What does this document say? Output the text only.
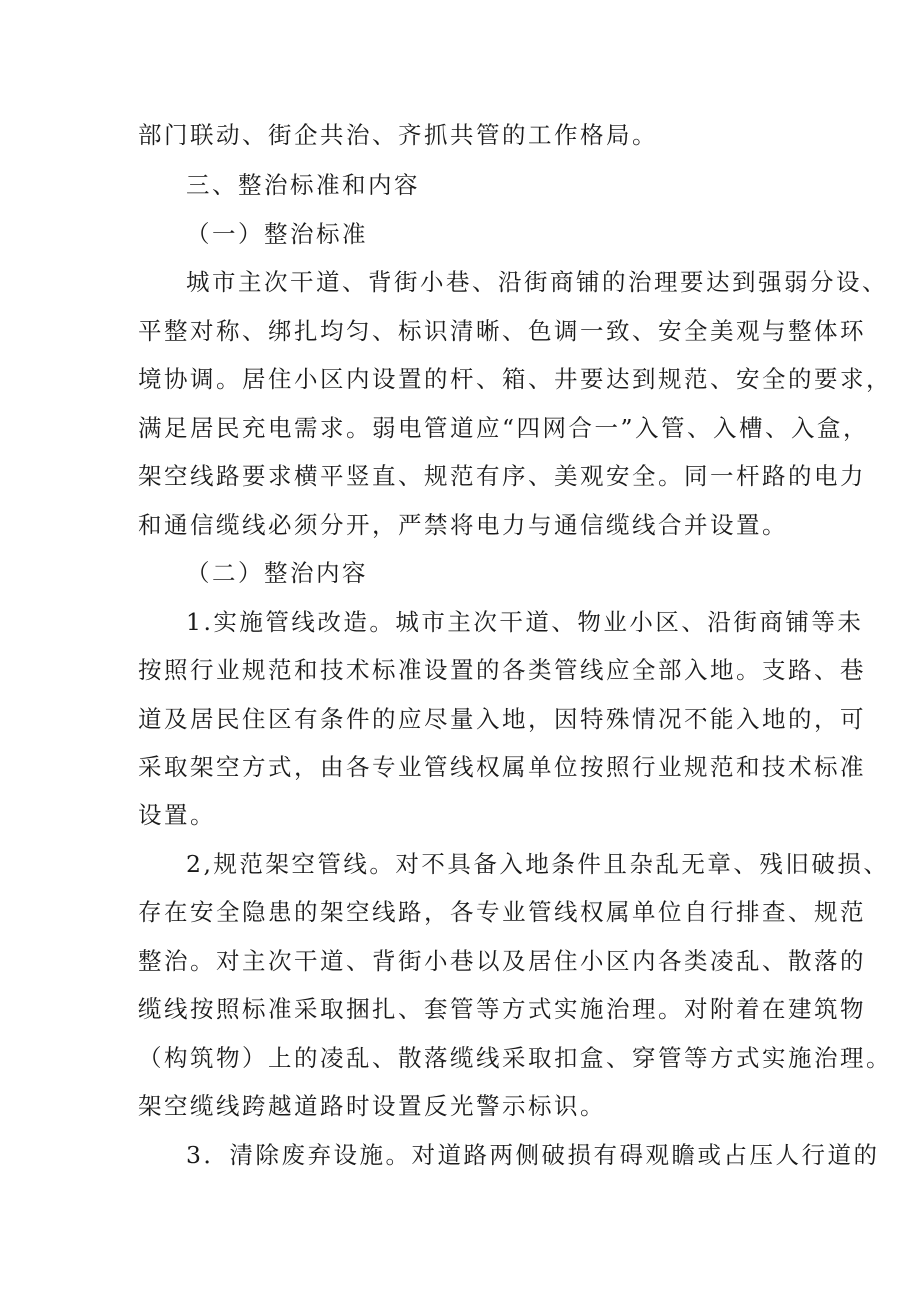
部门联动、街企共治、齐抓共管的工作格局。
三、整治标准和内容
（一）整治标准
城市主次干道、背街小巷、沿街商铺的治理要达到强弱分设、
平整对称、绑扎均匀、标识清晰、色调一致、安全美观与整体环
境协调。居住小区内设置的杆、箱、井要达到规范、安全的要求，
满足居民充电需求。弱电管道应“四网合一”入管、入槽、入盒，
架空线路要求横平竖直、规范有序、美观安全。同一杆路的电力
和通信缆线必须分开，严禁将电力与通信缆线合并设置。
（二）整治内容
1.实施管线改造。城市主次干道、物业小区、沿街商铺等未
按照行业规范和技术标准设置的各类管线应全部入地。支路、巷
道及居民住区有条件的应尽量入地，因特殊情况不能入地的，可
采取架空方式，由各专业管线权属单位按照行业规范和技术标准
设置。
2,规范架空管线。对不具备入地条件且杂乱无章、残旧破损、
存在安全隐患的架空线路，各专业管线权属单位自行排查、规范
整治。对主次干道、背街小巷以及居住小区内各类凌乱、散落的
缆线按照标准采取捆扎、套管等方式实施治理。对附着在建筑物
（构筑物）上的凌乱、散落缆线采取扣盒、穿管等方式实施治理。
架空缆线跨越道路时设置反光警示标识。
3．清除废弃设施。对道路两侧破损有碍观瞻或占压人行道的
